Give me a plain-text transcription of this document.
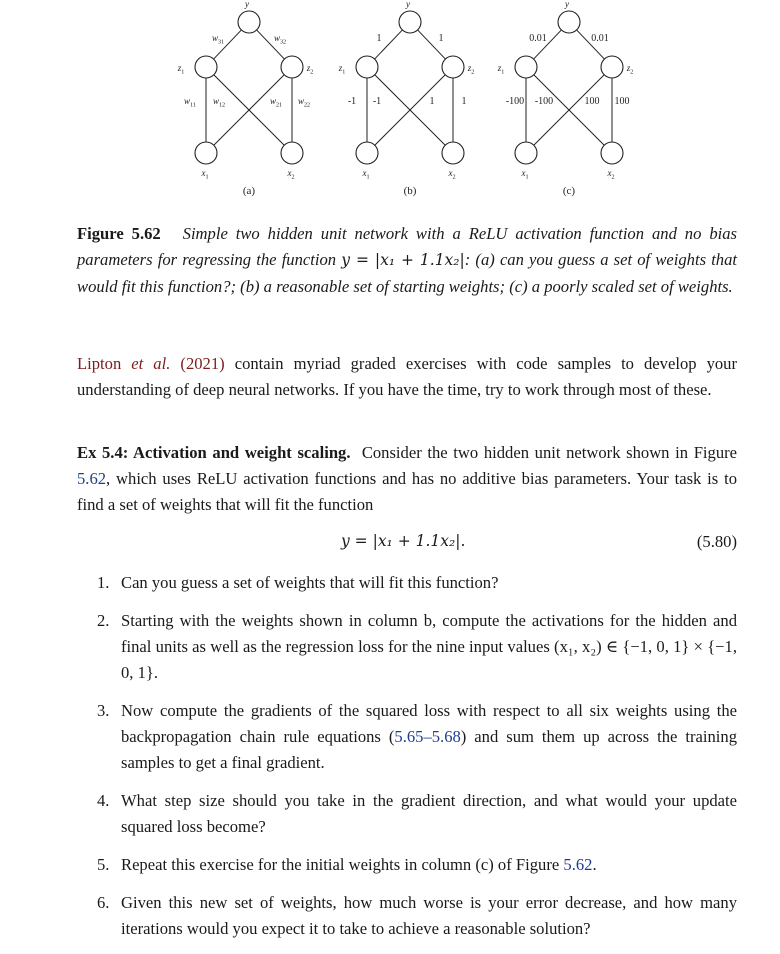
y
$z_1$	$z_2$
$x_1$	$x_2$
$w_{31}$	$w_{32}$
$w_{11}$ $w_{12}$	$w_{21}$ $w_{22}$
(a)
y
$z_1$	$z_2$
$x_1$	$x_2$
1	1
-1 -1	1	1
(b)
y
$z_1$	$z_2$
$x_1$	$x_2$
0.01	0.01
-100 -100	100 100
(c)
Figure 5.62 Simple two hidden unit network with a ReLU activation function and no bias parameters for regressing the function y = |x₁ + 1.1x₂|: (a) can you guess a set of weights that would fit this function?; (b) a reasonable set of starting weights; (c) a poorly scaled set of weights.
Lipton et al. (2021) contain myriad graded exercises with code samples to develop your understanding of deep neural networks. If you have the time, try to work through most of these.
Ex 5.4: Activation and weight scaling. Consider the two hidden unit network shown in Figure 5.62, which uses ReLU activation functions and has no additive bias parameters. Your task is to find a set of weights that will fit the function
y = |x₁ + 1.1x₂|.	(5.80)
1. Can you guess a set of weights that will fit this function?
2. Starting with the weights shown in column b, compute the activations for the hidden and final units as well as the regression loss for the nine input values (x₁, x₂) ∈ {−1, 0, 1} × {−1, 0, 1}.
3. Now compute the gradients of the squared loss with respect to all six weights using the backpropagation chain rule equations (5.65–5.68) and sum them up across the training samples to get a final gradient.
4. What step size should you take in the gradient direction, and what would your update squared loss become?
5. Repeat this exercise for the initial weights in column (c) of Figure 5.62.
6. Given this new set of weights, how much worse is your error decrease, and how many iterations would you expect it to take to achieve a reasonable solution?
